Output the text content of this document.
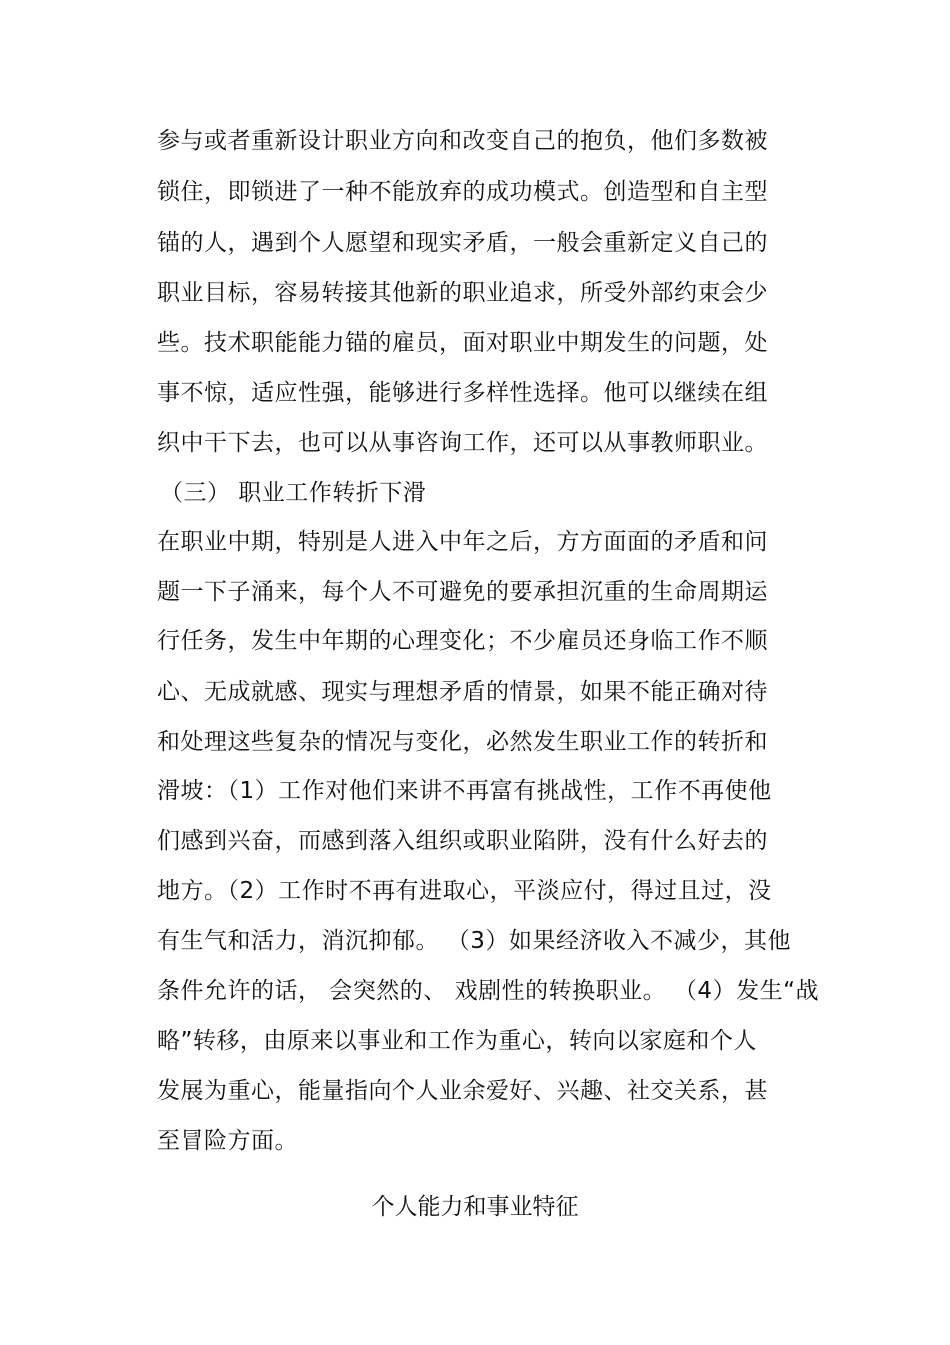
参与或者重新设计职业方向和改变自己的抱负，他们多数被
锁住，即锁进了一种不能放弃的成功模式。创造型和自主型
锚的人，遇到个人愿望和现实矛盾，一般会重新定义自己的
职业目标，容易转接其他新的职业追求，所受外部约束会少
些。技术职能能力锚的雇员，面对职业中期发生的问题，处
事不惊，适应性强，能够进行多样性选择。他可以继续在组
织中干下去，也可以从事咨询工作，还可以从事教师职业。
（三） 职业工作转折下滑
在职业中期，特别是人进入中年之后，方方面面的矛盾和问
题一下子涌来，每个人不可避免的要承担沉重的生命周期运
行任务，发生中年期的心理变化；不少雇员还身临工作不顺
心、无成就感、现实与理想矛盾的情景，如果不能正确对待
和处理这些复杂的情况与变化，必然发生职业工作的转折和
滑坡：（1）工作对他们来讲不再富有挑战性，工作不再使他
们感到兴奋，而感到落入组织或职业陷阱，没有什么好去的
地方。（2）工作时不再有进取心，平淡应付，得过且过，没
有生气和活力，消沉抑郁。 （3）如果经济收入不减少，其他
条件允许的话， 会突然的、 戏剧性的转换职业。 （4）发生“战
略”转移，由原来以事业和工作为重心，转向以家庭和个人
发展为重心，能量指向个人业余爱好、兴趣、社交关系，甚
至冒险方面。
个人能力和事业特征
